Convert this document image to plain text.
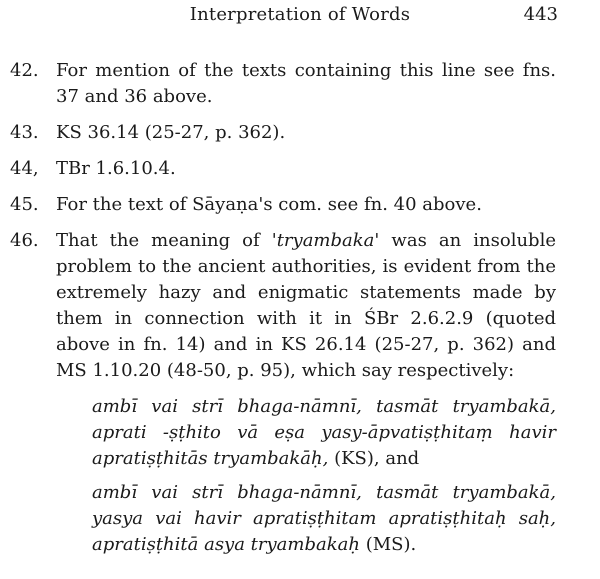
Interpretation of Words	443
42. For mention of the texts containing this line see fns. 37 and 36 above.
43. KS 36.14 (25-27, p. 362).
44, TBr 1.6.10.4.
45. For the text of Sāyaṇa's com. see fn. 40 above.
46. That the meaning of 'tryambaka' was an insoluble problem to the ancient authorities, is evident from the extremely hazy and enigmatic statements made by them in connection with it in ŚBr 2.6.2.9 (quoted above in fn. 14) and in KS 26.14 (25-27, p. 362) and MS 1.10.20 (48-50, p. 95), which say respectively:
ambī vai strī bhaga-nāmnī, tasmāt tryambakā, aprati -ṣṭhito vā eṣa yasy-āpvatiṣṭhitaṃ havir apratiṣṭhitās tryambakāḥ, (KS), and
ambī vai strī bhaga-nāmnī, tasmāt tryambakā, yasya vai havir apratiṣṭhitam apratiṣṭhitaḥ saḥ, apratiṣṭhitā asya tryambakaḥ (MS).
